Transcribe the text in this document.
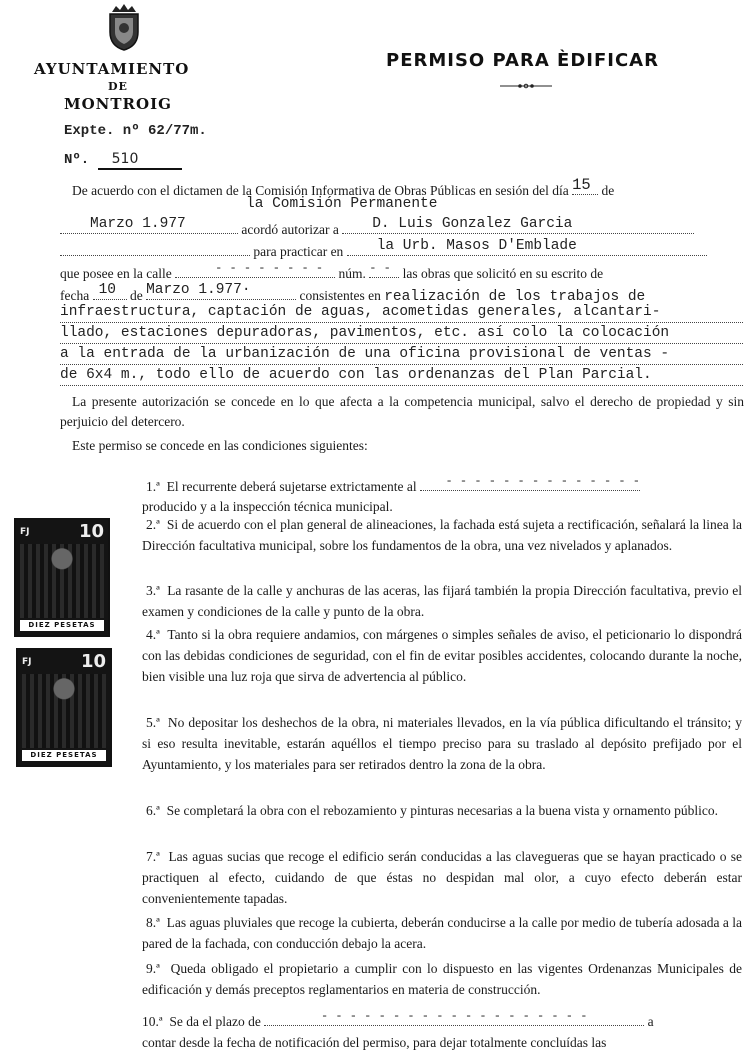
AYUNTAMIENTO
DE
MONTROIG
PERMISO PARA ÈDIFICAR
Exptе. nº 62/77m.
Nº. 510
De acuerdo con el dictamen de la Comisión Informativa de Obras Públicas en sesión del día 15 de
la Comisión Permanente
Marzo 1.977	acordó autorizar a D. Luis Gonzalez Garcia
para practicar en la Urb. Masos D'Emblade
que posee en la calle	- - - - - - - - núm. - - las obras que solicitó en su escrito de
fecha 10 de Marzo 1.977·	consistentes en realización de los trabajos de
infraestructura, captación de aguas, acometidas generales, alcantari-
llado, estaciones depuradoras, pavimentos, etc. así colo la colocación
a la entrada de la urbanización de una oficina provisional de ventas -
de 6x4 m., todo ello de acuerdo con las ordenanzas del Plan Parcial.
La presente autorización se concede en lo que afecta a la competencia municipal, salvo el derecho de propiedad y sin perjuicio del detercero.
Este permiso se concede en las condiciones siguientes:
1.ª El recurrente deberá sujetarse extrictamente al - - - - - - - - - - - - - -
producido y a la inspección técnica municipal.
2.ª Si de acuerdo con el plan general de alineaciones, la fachada está sujeta a rectificación, señalará la linea la Dirección facultativa municipal, sobre los fundamentos de la obra, una vez nivelados y aplanados.
3.ª La rasante de la calle y anchuras de las aceras, las fijará también la propia Dirección facultativa, previo el examen y condiciones de la calle y punto de la obra.
4.ª Tanto si la obra requiere andamios, con márgenes o simples señales de aviso, el peticionario lo dispondrá con las debidas condiciones de seguridad, con el fin de evitar posibles accidentes, colocando durante la noche, bien visible una luz roja que sirva de advertencia al público.
5.ª No depositar los deshechos de la obra, ni materiales llevados, en la vía pública dificultando el tránsito; y si eso resulta inevitable, estarán aquéllos el tiempo preciso para su traslado al depósito prefijado por el Ayuntamiento, y los materiales para ser retirados dentro la zona de la obra.
6.ª Se completará la obra con el rebozamiento y pinturas necesarias a la buena vista y ornamento público.
7.ª Las aguas sucias que recoge el edificio serán conducidas a las clavegueras que se hayan practicado o se practiquen al efecto, cuidando de que éstas no despidan mal olor, a cuyo efecto deberán estar convenientemente tapadas.
8.ª Las aguas pluviales que recoge la cubierta, deberán conducirse a la calle por medio de tubería adosada a la pared de la fachada, con conducción debajo la acera.
9.ª Queda obligado el propietario a cumplir con lo dispuesto en las vigentes Ordenanzas Municipales de edificación y demás preceptos reglamentarios en materia de construcción.
10.ª Se da el plazo de	- - - - - - - - - - - - - - - - - - -	a
contar desde la fecha de notificación del permiso, para dejar totalmente concluídas las
FJ	10
DIEZ PESETAS
FJ	10
DIEZ PESETAS
